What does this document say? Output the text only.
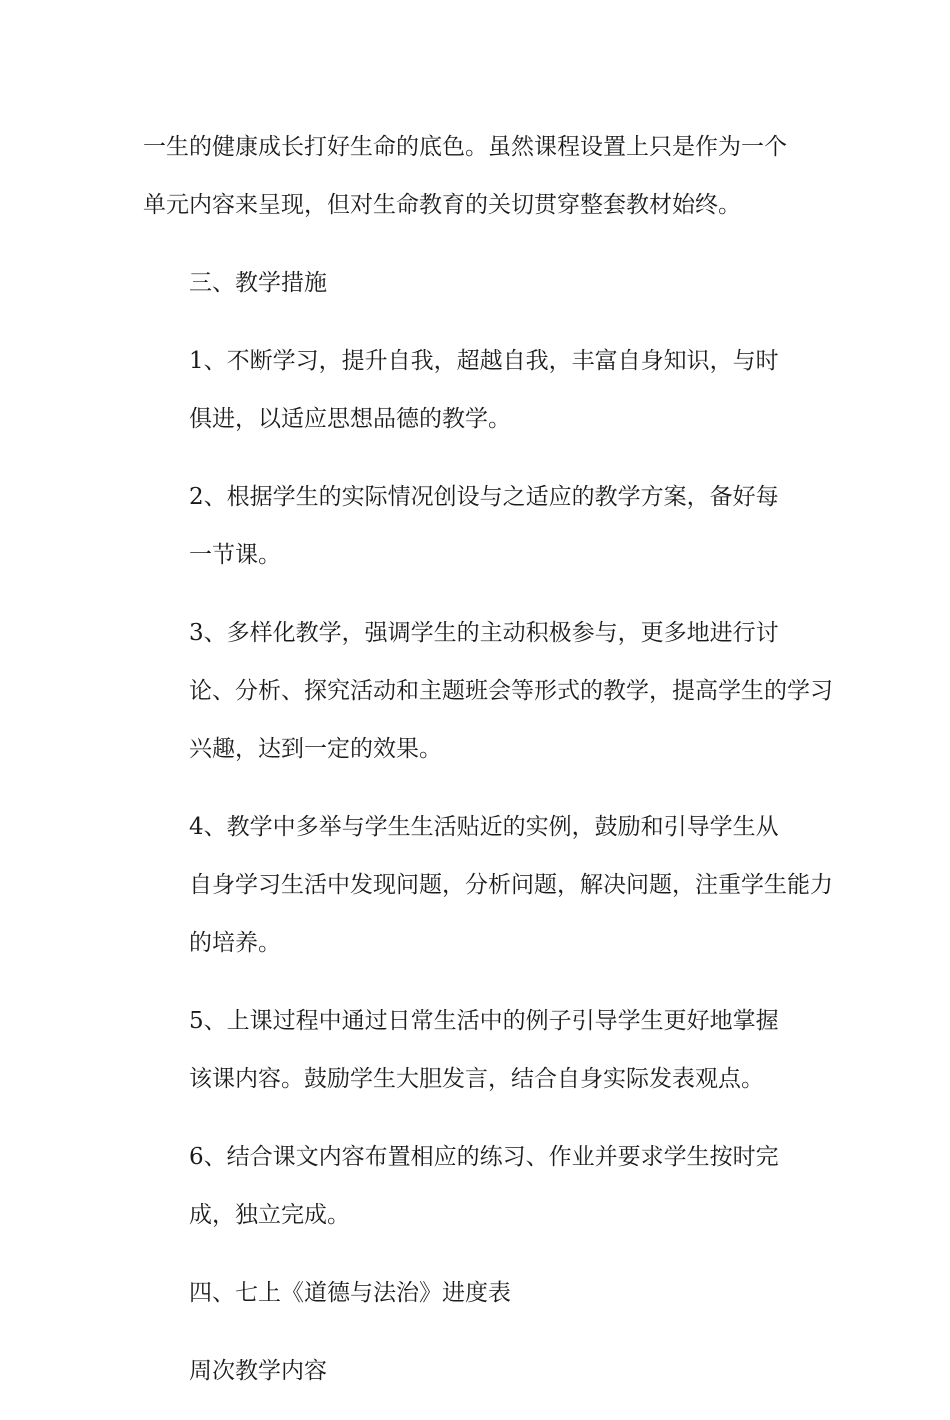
一生的健康成长打好生命的底色。虽然课程设置上只是作为一个
单元内容来呈现，但对生命教育的关切贯穿整套教材始终。

三、教学措施

1、不断学习，提升自我，超越自我，丰富自身知识，与时
俱进，以适应思想品德的教学。

2、根据学生的实际情况创设与之适应的教学方案，备好每
一节课。

3、多样化教学，强调学生的主动积极参与，更多地进行讨
论、分析、探究活动和主题班会等形式的教学，提高学生的学习
兴趣，达到一定的效果。

4、教学中多举与学生生活贴近的实例，鼓励和引导学生从
自身学习生活中发现问题，分析问题，解决问题，注重学生能力
的培养。

5、上课过程中通过日常生活中的例子引导学生更好地掌握
该课内容。鼓励学生大胆发言，结合自身实际发表观点。

6、结合课文内容布置相应的练习、作业并要求学生按时完
成，独立完成。

四、七上《道德与法治》进度表

周次教学内容
